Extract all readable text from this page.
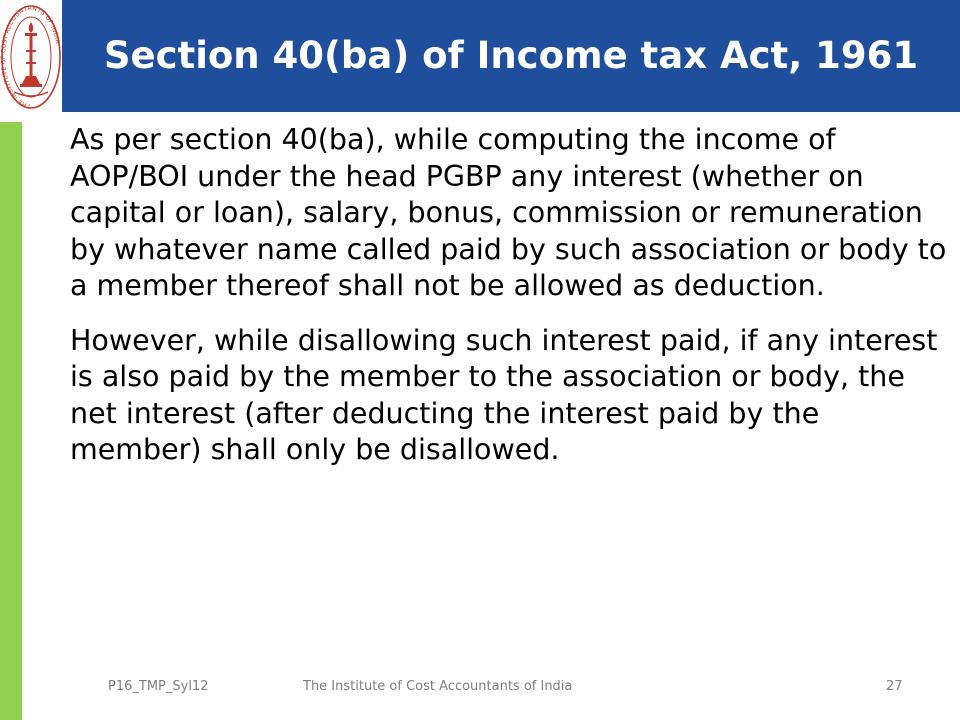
THE INSTITUTE OF COST ACCOUNTANTS OF INDIA Section 40(ba) of Income tax Act, 1961

As per section 40(ba), while computing the income of AOP/BOI under the head PGBP any interest (whether on capital or loan), salary, bonus, commission or remuneration by whatever name called paid by such association or body to a member thereof shall not be allowed as deduction.

However, while disallowing such interest paid, if any interest is also paid by the member to the association or body, the net interest (after deducting the interest paid by the member) shall only be disallowed.

P16_TMP_Syl12	The Institute of Cost Accountants of India	27
